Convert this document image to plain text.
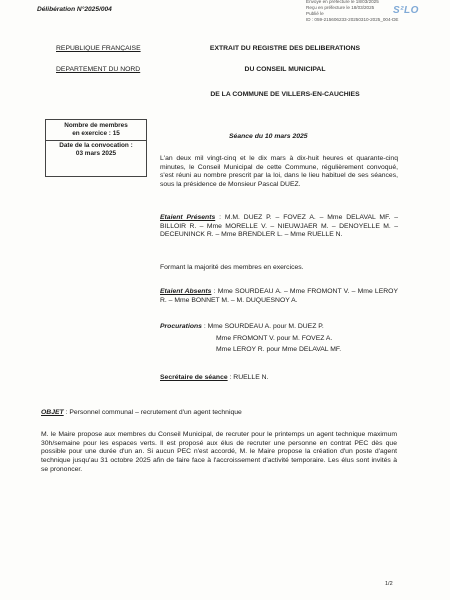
Délibération N°2025/004
Envoyé en préfecture le 18/03/2025
Reçu en préfecture le 18/03/2025
Publié le
ID : 059-215606233-20250310-2025_004-DE
S²LO
REPUBLIQUE FRANÇAISE
DEPARTEMENT DU NORD
Nombre de membres
en exercice : 15
Date de la convocation :
03 mars 2025
EXTRAIT DU REGISTRE DES DELIBERATIONS
DU CONSEIL MUNICIPAL
DE LA COMMUNE DE VILLERS-EN-CAUCHIES
Séance du 10 mars 2025
L'an deux mil vingt-cinq et le dix mars à dix-huit heures et quarante-cinq minutes, le Conseil Municipal de cette Commune, régulièrement convoqué, s'est réuni au nombre prescrit par la loi, dans le lieu habituel de ses séances, sous la présidence de Monsieur Pascal DUEZ.
Etaient Présents : M.M. DUEZ P. – FOVEZ A. – Mme DELAVAL MF. – BILLOIR R. – Mme MORELLE V. – NIEUWJAER M. – DENOYELLE M. – DECEUNINCK R. – Mme BRENDLER L. – Mme RUELLE N.
Formant la majorité des membres en exercices.
Etaient Absents : Mme SOURDEAU A. – Mme FROMONT V. – Mme LEROY R. – Mme BONNET M. – M. DUQUESNOY A.
Procurations : Mme SOURDEAU A. pour M. DUEZ P.
Mme FROMONT V. pour M. FOVEZ A.
Mme LEROY R. pour Mme DELAVAL MF.
Secrétaire de séance : RUELLE N.
OBJET : Personnel communal – recrutement d'un agent technique
M. le Maire propose aux membres du Conseil Municipal, de recruter pour le printemps un agent technique maximum 30h/semaine pour les espaces verts. Il est proposé aux élus de recruter une personne en contrat PEC dès que possible pour une durée d'un an. Si aucun PEC n'est accordé, M. le Maire propose la création d'un poste d'agent technique jusqu'au 31 octobre 2025 afin de faire face à l'accroissement d'activité temporaire. Les élus sont invités à se prononcer.
1/2
